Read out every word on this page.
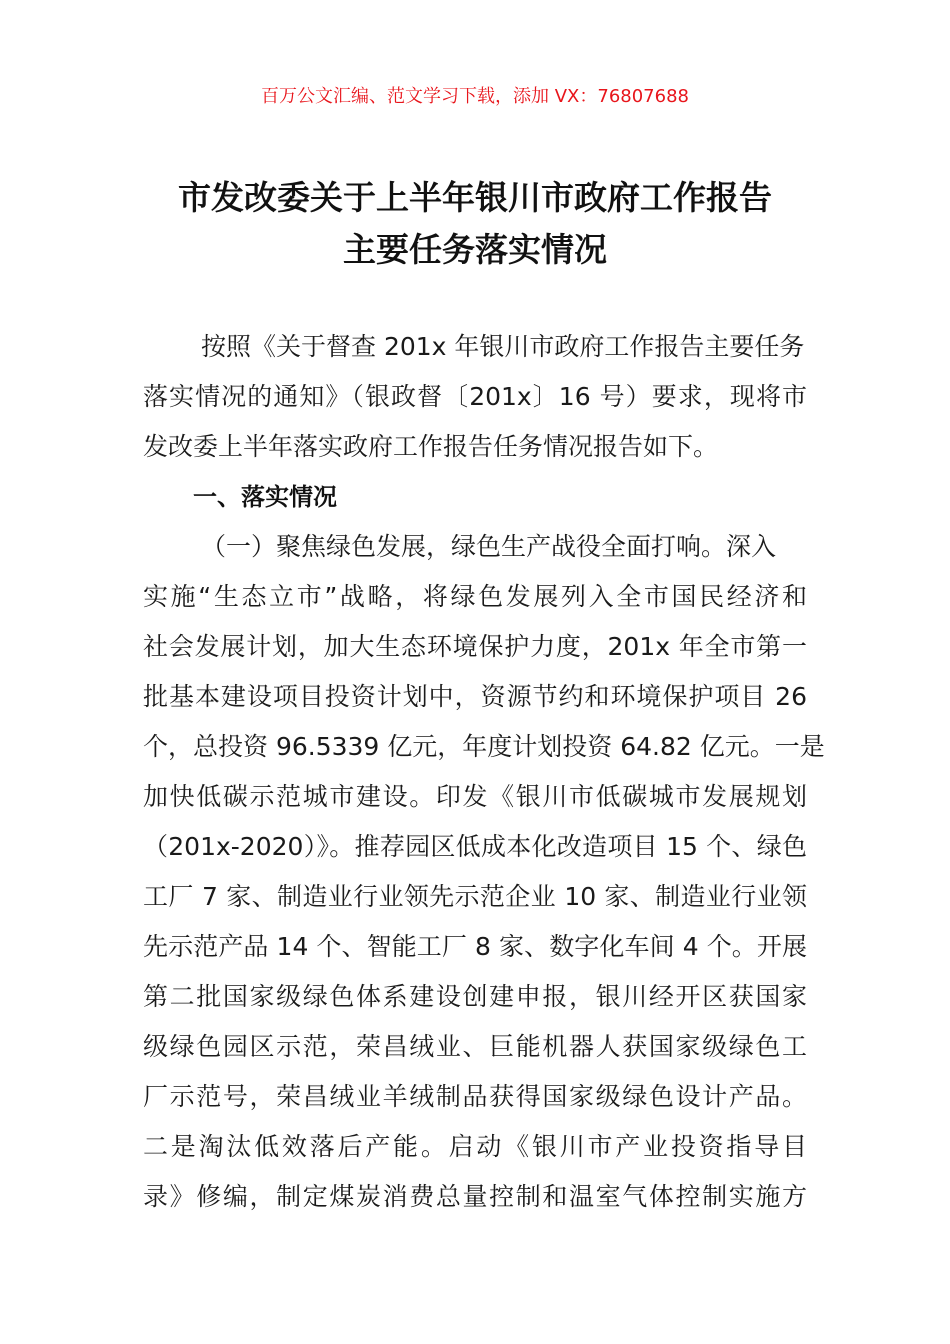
百万公文汇编、范文学习下载，添加 VX：76807688
市发改委关于上半年银川市政府工作报告
主要任务落实情况
按照《关于督查 201x 年银川市政府工作报告主要任务
落实情况的通知》（银政督〔201x〕16 号）要求，现将市
发改委上半年落实政府工作报告任务情况报告如下。
一、落实情况
（一）聚焦绿色发展，绿色生产战役全面打响。深入
实施“生态立市”战略，将绿色发展列入全市国民经济和
社会发展计划，加大生态环境保护力度，201x 年全市第一
批基本建设项目投资计划中，资源节约和环境保护项目 26
个，总投资 96.5339 亿元，年度计划投资 64.82 亿元。一是
加快低碳示范城市建设。印发《银川市低碳城市发展规划
（201x-2020）》。推荐园区低成本化改造项目 15 个、绿色
工厂 7 家、制造业行业领先示范企业 10 家、制造业行业领
先示范产品 14 个、智能工厂 8 家、数字化车间 4 个。开展
第二批国家级绿色体系建设创建申报，银川经开区获国家
级绿色园区示范，荣昌绒业、巨能机器人获国家级绿色工
厂示范号，荣昌绒业羊绒制品获得国家级绿色设计产品。
二是淘汰低效落后产能。启动《银川市产业投资指导目
录》修编，制定煤炭消费总量控制和温室气体控制实施方
